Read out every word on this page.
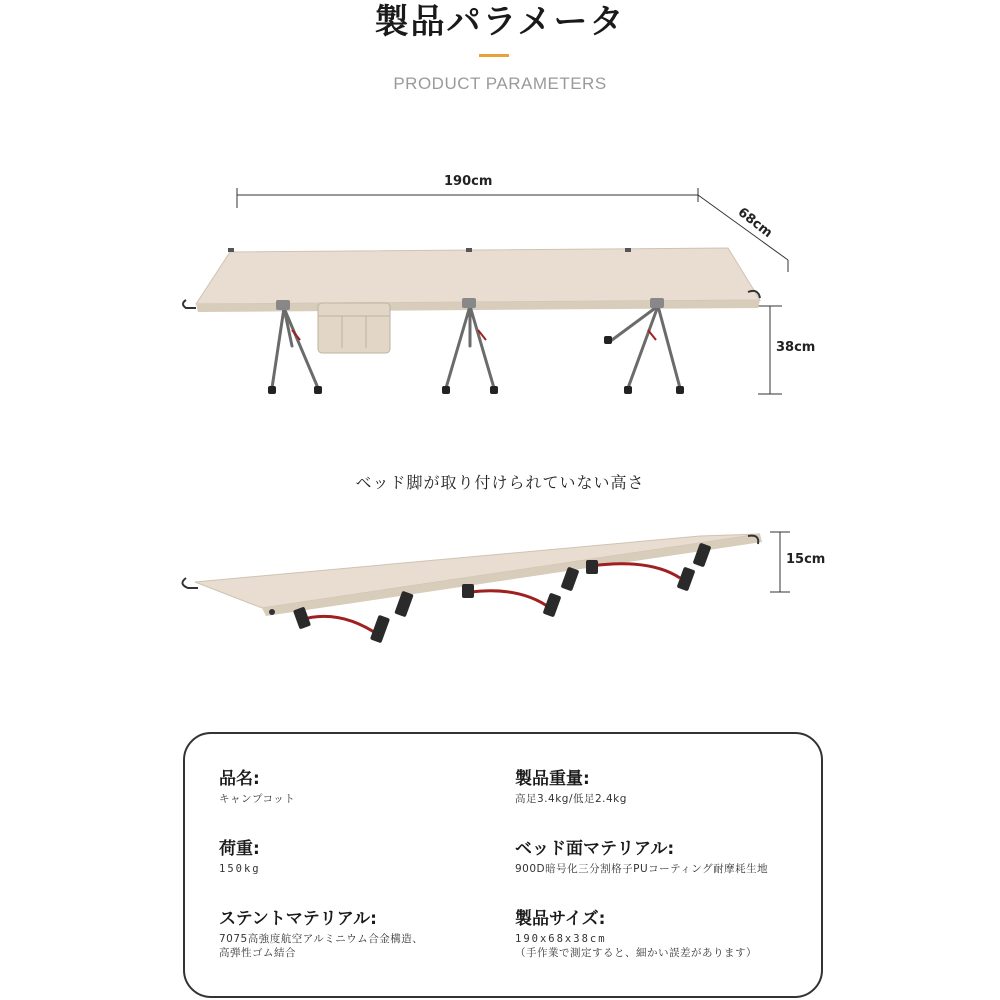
製品パラメータ
PRODUCT PARAMETERS
190cm
68cm
38cm
ベッド脚が取り付けられていない高さ
15cm
品名:
キャンプコット
製品重量:
高足3.4kg/低足2.4kg
荷重:
150kg
ベッド面マテリアル:
900D暗号化三分割格子PUコーティング耐摩耗生地
ステントマテリアル:
7075高強度航空アルミニウム合金構造、
高弾性ゴム結合
製品サイズ:
190x68x38cm
（手作業で測定すると、細かい誤差があります）
